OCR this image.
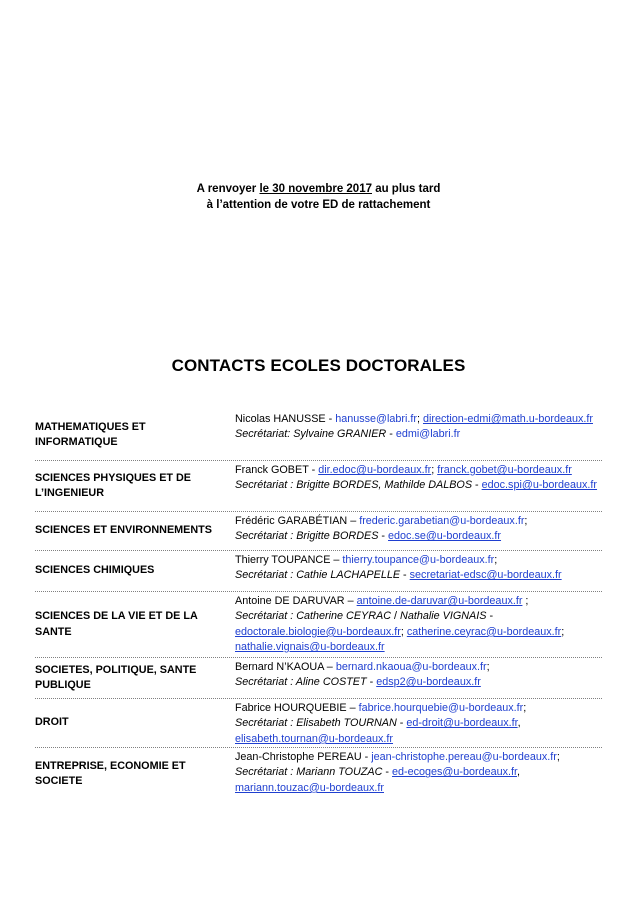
A renvoyer le 30 novembre 2017 au plus tard
à l’attention de votre ED de rattachement
CONTACTS ECOLES DOCTORALES
MATHEMATIQUES ET INFORMATIQUE
Nicolas HANUSSE - hanusse@labri.fr; direction-edmi@math.u-bordeaux.fr
Secrétariat: Sylvaine GRANIER - edmi@labri.fr
SCIENCES PHYSIQUES ET DE L’INGENIEUR
Franck GOBET - dir.edoc@u-bordeaux.fr; franck.gobet@u-bordeaux.fr
Secrétariat : Brigitte BORDES, Mathilde DALBOS - edoc.spi@u-bordeaux.fr
SCIENCES ET ENVIRONNEMENTS
Frédéric GARABÉTIAN – frederic.garabetian@u-bordeaux.fr;
Secrétariat : Brigitte BORDES - edoc.se@u-bordeaux.fr
SCIENCES CHIMIQUES
Thierry TOUPANCE – thierry.toupance@u-bordeaux.fr;
Secrétariat : Cathie LACHAPELLE - secretariat-edsc@u-bordeaux.fr
SCIENCES DE LA VIE ET DE LA SANTE
Antoine DE DARUVAR – antoine.de-daruvar@u-bordeaux.fr ;
Secrétariat : Catherine CEYRAC / Nathalie VIGNAIS -
edoctorale.biologie@u-bordeaux.fr; catherine.ceyrac@u-bordeaux.fr;
nathalie.vignais@u-bordeaux.fr
SOCIETES, POLITIQUE, SANTE PUBLIQUE
Bernard N’KAOUA – bernard.nkaoua@u-bordeaux.fr;
Secrétariat : Aline COSTET - edsp2@u-bordeaux.fr
DROIT
Fabrice HOURQUEBIE – fabrice.hourquebie@u-bordeaux.fr;
Secrétariat : Elisabeth TOURNAN - ed-droit@u-bordeaux.fr,
elisabeth.tournan@u-bordeaux.fr
ENTREPRISE, ECONOMIE ET SOCIETE
Jean-Christophe PEREAU - jean-christophe.pereau@u-bordeaux.fr;
Secrétariat : Mariann TOUZAC - ed-ecoges@u-bordeaux.fr,
mariann.touzac@u-bordeaux.fr
